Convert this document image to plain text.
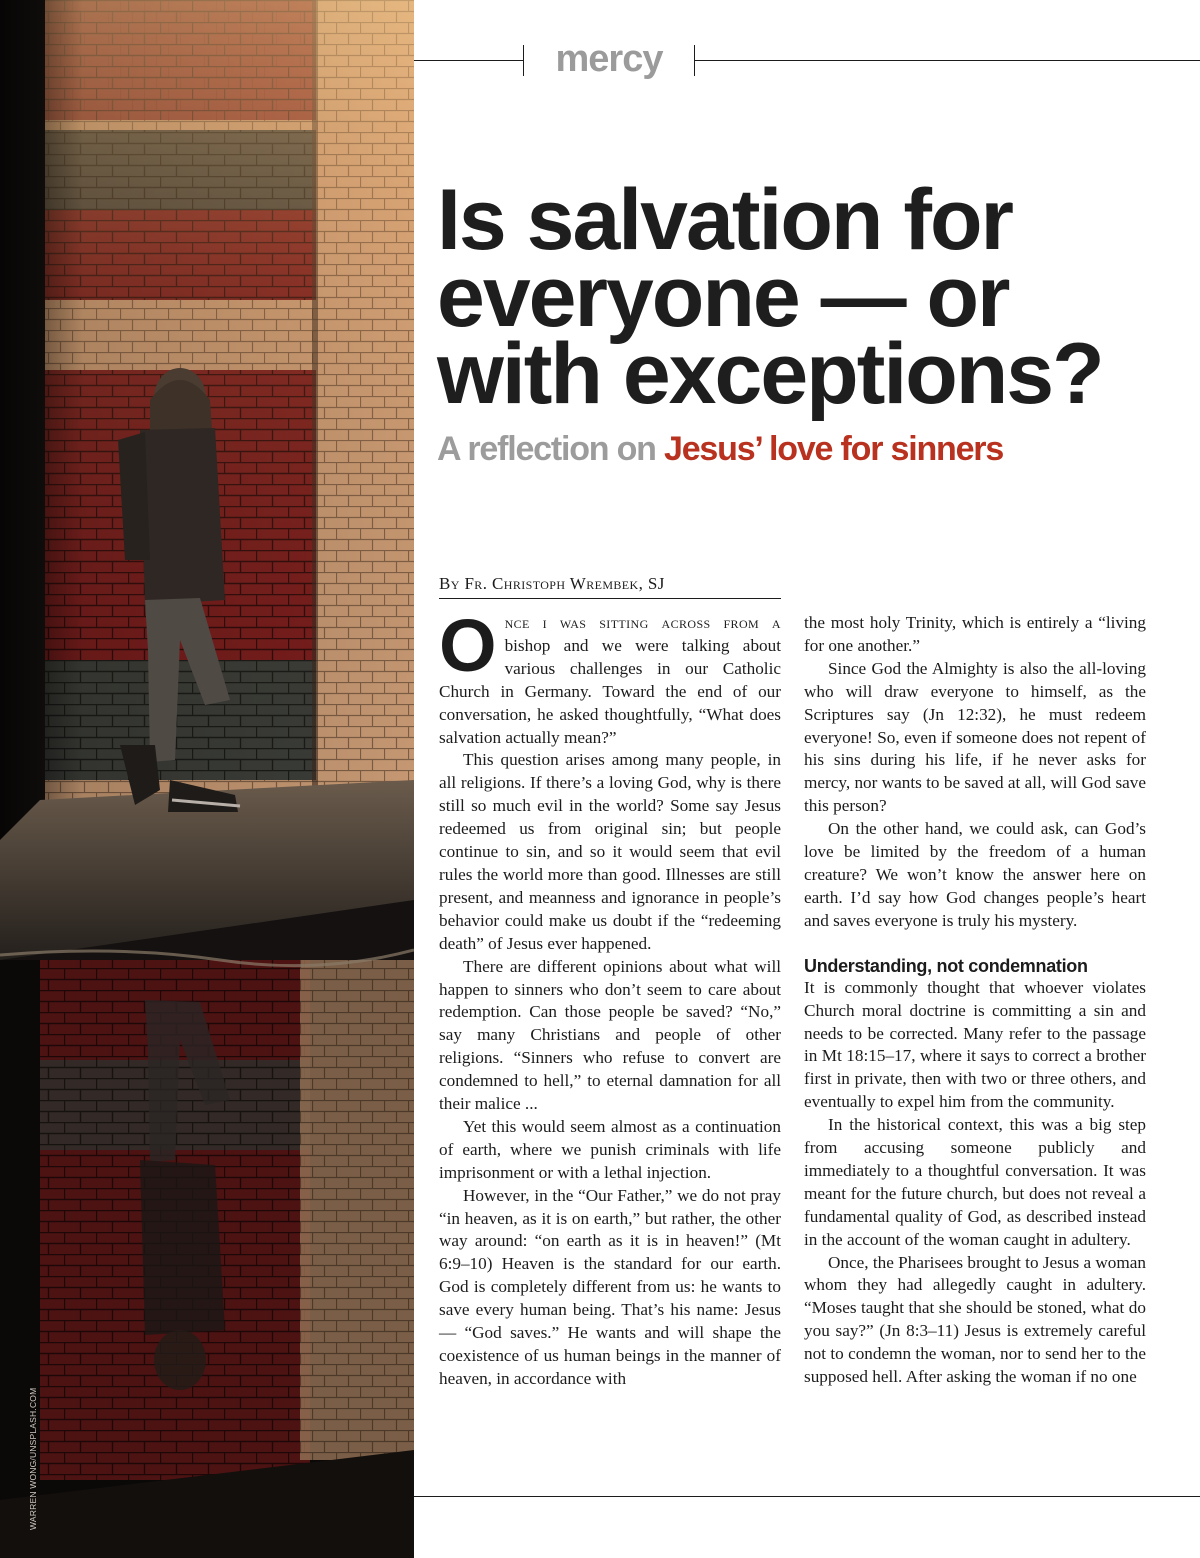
WARREN WONG/UNSPLASH.COM
mercy
Is salvation for
everyone — or
with exceptions?
A reflection on Jesus’ love for sinners
By Fr. Christoph Wrembek, SJ

Once i was sitting across from a bishop and we were talking about various challenges in our Catholic Church in Germany. Toward the end of our conversation, he asked thoughtfully, “What does salvation actually mean?”

This question arises among many people, in all religions. If there’s a loving God, why is there still so much evil in the world? Some say Jesus redeemed us from original sin; but people continue to sin, and so it would seem that evil rules the world more than good. Illnesses are still present, and meanness and ignorance in people’s behavior could make us doubt if the “redeeming death” of Jesus ever happened.

There are different opinions about what will happen to sinners who don’t seem to care about redemption. Can those people be saved? “No,” say many Christians and people of other religions. “Sinners who refuse to convert are condemned to hell,” to eternal damnation for all their malice ...

Yet this would seem almost as a continuation of earth, where we punish criminals with life imprisonment or with a lethal injection.

However, in the “Our Father,” we do not pray “in heaven, as it is on earth,” but rather, the other way around: “on earth as it is in heaven!” (Mt 6:9–10) Heaven is the standard for our earth. God is completely different from us: he wants to save every human being. That’s his name: Jesus — “God saves.” He wants and will shape the coexistence of us human beings in the manner of heaven, in accordance with

the most holy Trinity, which is entirely a “living for one another.”

Since God the Almighty is also the all-loving who will draw everyone to himself, as the Scriptures say (Jn 12:32), he must redeem everyone! So, even if someone does not repent of his sins during his life, if he never asks for mercy, nor wants to be saved at all, will God save this person?

On the other hand, we could ask, can God’s love be limited by the freedom of a human creature? We won’t know the answer here on earth. I’d say how God changes people’s heart and saves everyone is truly his mystery.

Understanding, not condemnation

It is commonly thought that whoever violates Church moral doctrine is committing a sin and needs to be corrected. Many refer to the passage in Mt 18:15–17, where it says to correct a brother first in private, then with two or three others, and eventually to expel him from the community.

In the historical context, this was a big step from accusing someone publicly and immediately to a thoughtful conversation. It was meant for the future church, but does not reveal a fundamental quality of God, as described instead in the account of the woman caught in adultery.

Once, the Pharisees brought to Jesus a woman whom they had allegedly caught in adultery. “Moses taught that she should be stoned, what do you say?” (Jn 8:3–11) Jesus is extremely careful not to condemn the woman, nor to send her to the supposed hell. After asking the woman if no one
